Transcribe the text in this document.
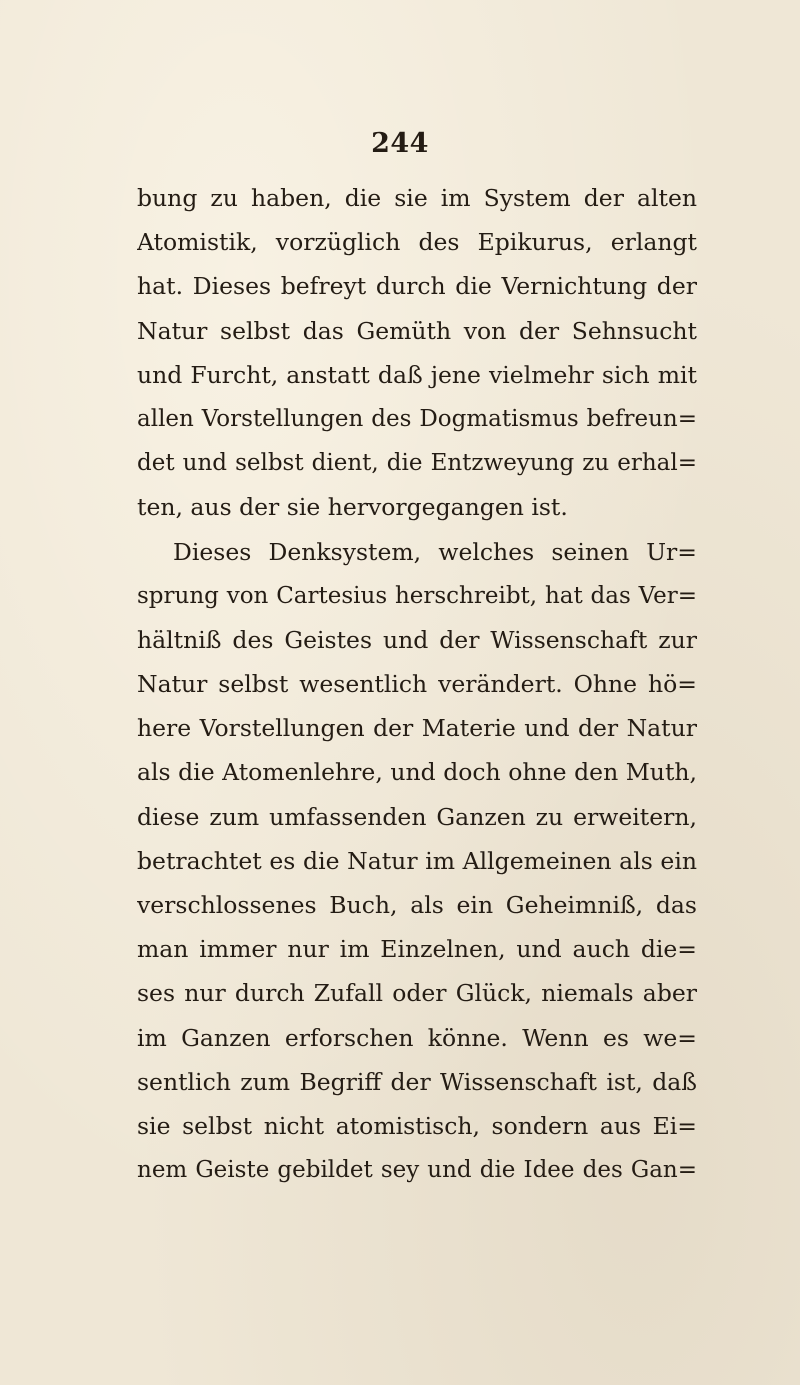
244
bung zu haben, die sie im System der alten
Atomistik, vorzüglich des Epikurus, erlangt
hat. Dieses befreyt durch die Vernichtung der
Natur selbst das Gemüth von der Sehnsucht
und Furcht, anstatt daß jene vielmehr sich mit
allen Vorstellungen des Dogmatismus befreun=
det und selbst dient, die Entzweyung zu erhal=
ten, aus der sie hervorgegangen ist.
Dieses Denksystem, welches seinen Ur=
sprung von Cartesius herschreibt, hat das Ver=
hältniß des Geistes und der Wissenschaft zur
Natur selbst wesentlich verändert. Ohne hö=
here Vorstellungen der Materie und der Natur
als die Atomenlehre, und doch ohne den Muth,
diese zum umfassenden Ganzen zu erweitern,
betrachtet es die Natur im Allgemeinen als ein
verschlossenes Buch, als ein Geheimniß, das
man immer nur im Einzelnen, und auch die=
ses nur durch Zufall oder Glück, niemals aber
im Ganzen erforschen könne. Wenn es we=
sentlich zum Begriff der Wissenschaft ist, daß
sie selbst nicht atomistisch, sondern aus Ei=
nem Geiste gebildet sey und die Idee des Gan=
